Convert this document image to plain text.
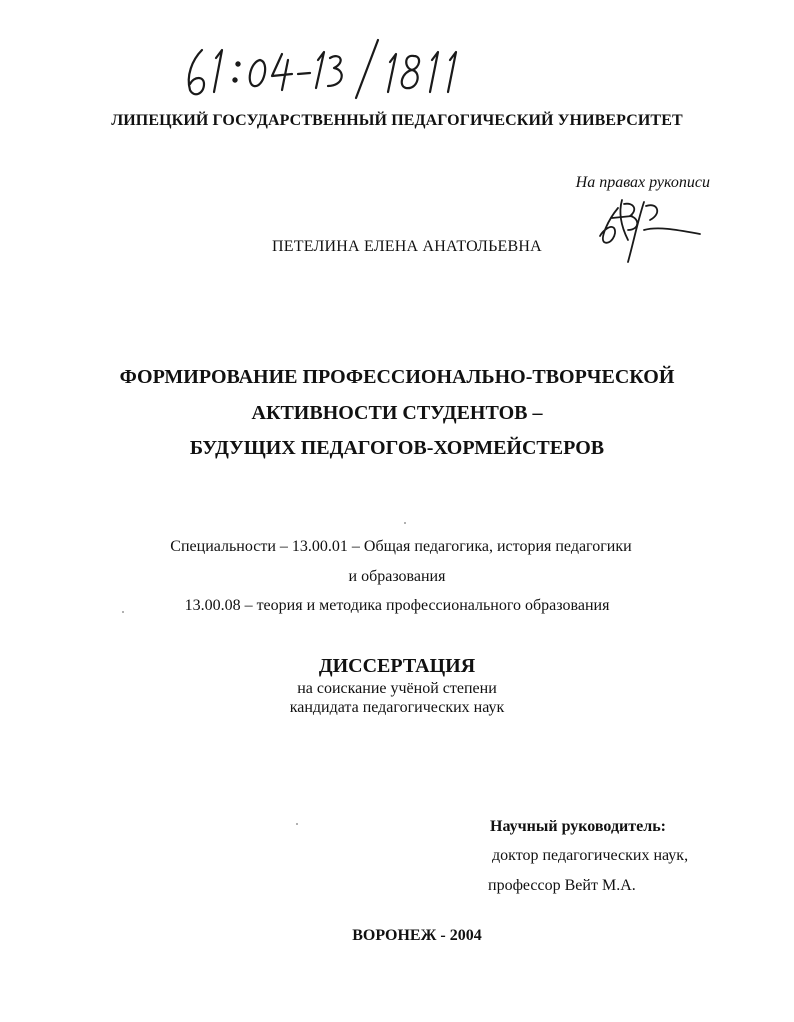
ЛИПЕЦКИЙ ГОСУДАРСТВЕННЫЙ ПЕДАГОГИЧЕСКИЙ УНИВЕРСИТЕТ
На правах рукописи
ПЕТЕЛИНА ЕЛЕНА АНАТОЛЬЕВНА
ФОРМИРОВАНИЕ ПРОФЕССИОНАЛЬНО-ТВОРЧЕСКОЙ
АКТИВНОСТИ СТУДЕНТОВ –
БУДУЩИХ ПЕДАГОГОВ-ХОРМЕЙСТЕРОВ
Специальности – 13.00.01 – Общая педагогика, история педагогики
и образования
13.00.08 – теория и методика профессионального образования
ДИССЕРТАЦИЯ
на соискание учёной степени
кандидата педагогических наук
Научный руководитель:
доктор педагогических наук,
профессор Вейт М.А.
ВОРОНЕЖ - 2004
